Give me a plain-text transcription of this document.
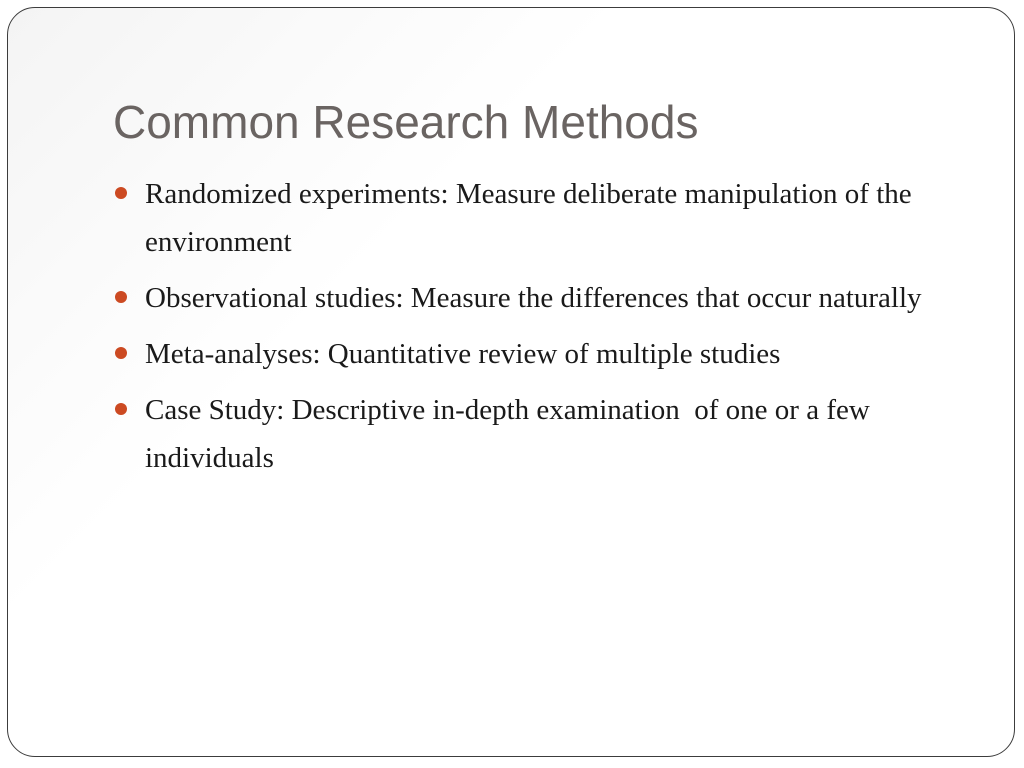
Common Research Methods
Randomized experiments: Measure deliberate manipulation of the environment
Observational studies: Measure the differences that occur naturally
Meta-analyses: Quantitative review of multiple studies
Case Study: Descriptive in-depth examination  of one or a few individuals
